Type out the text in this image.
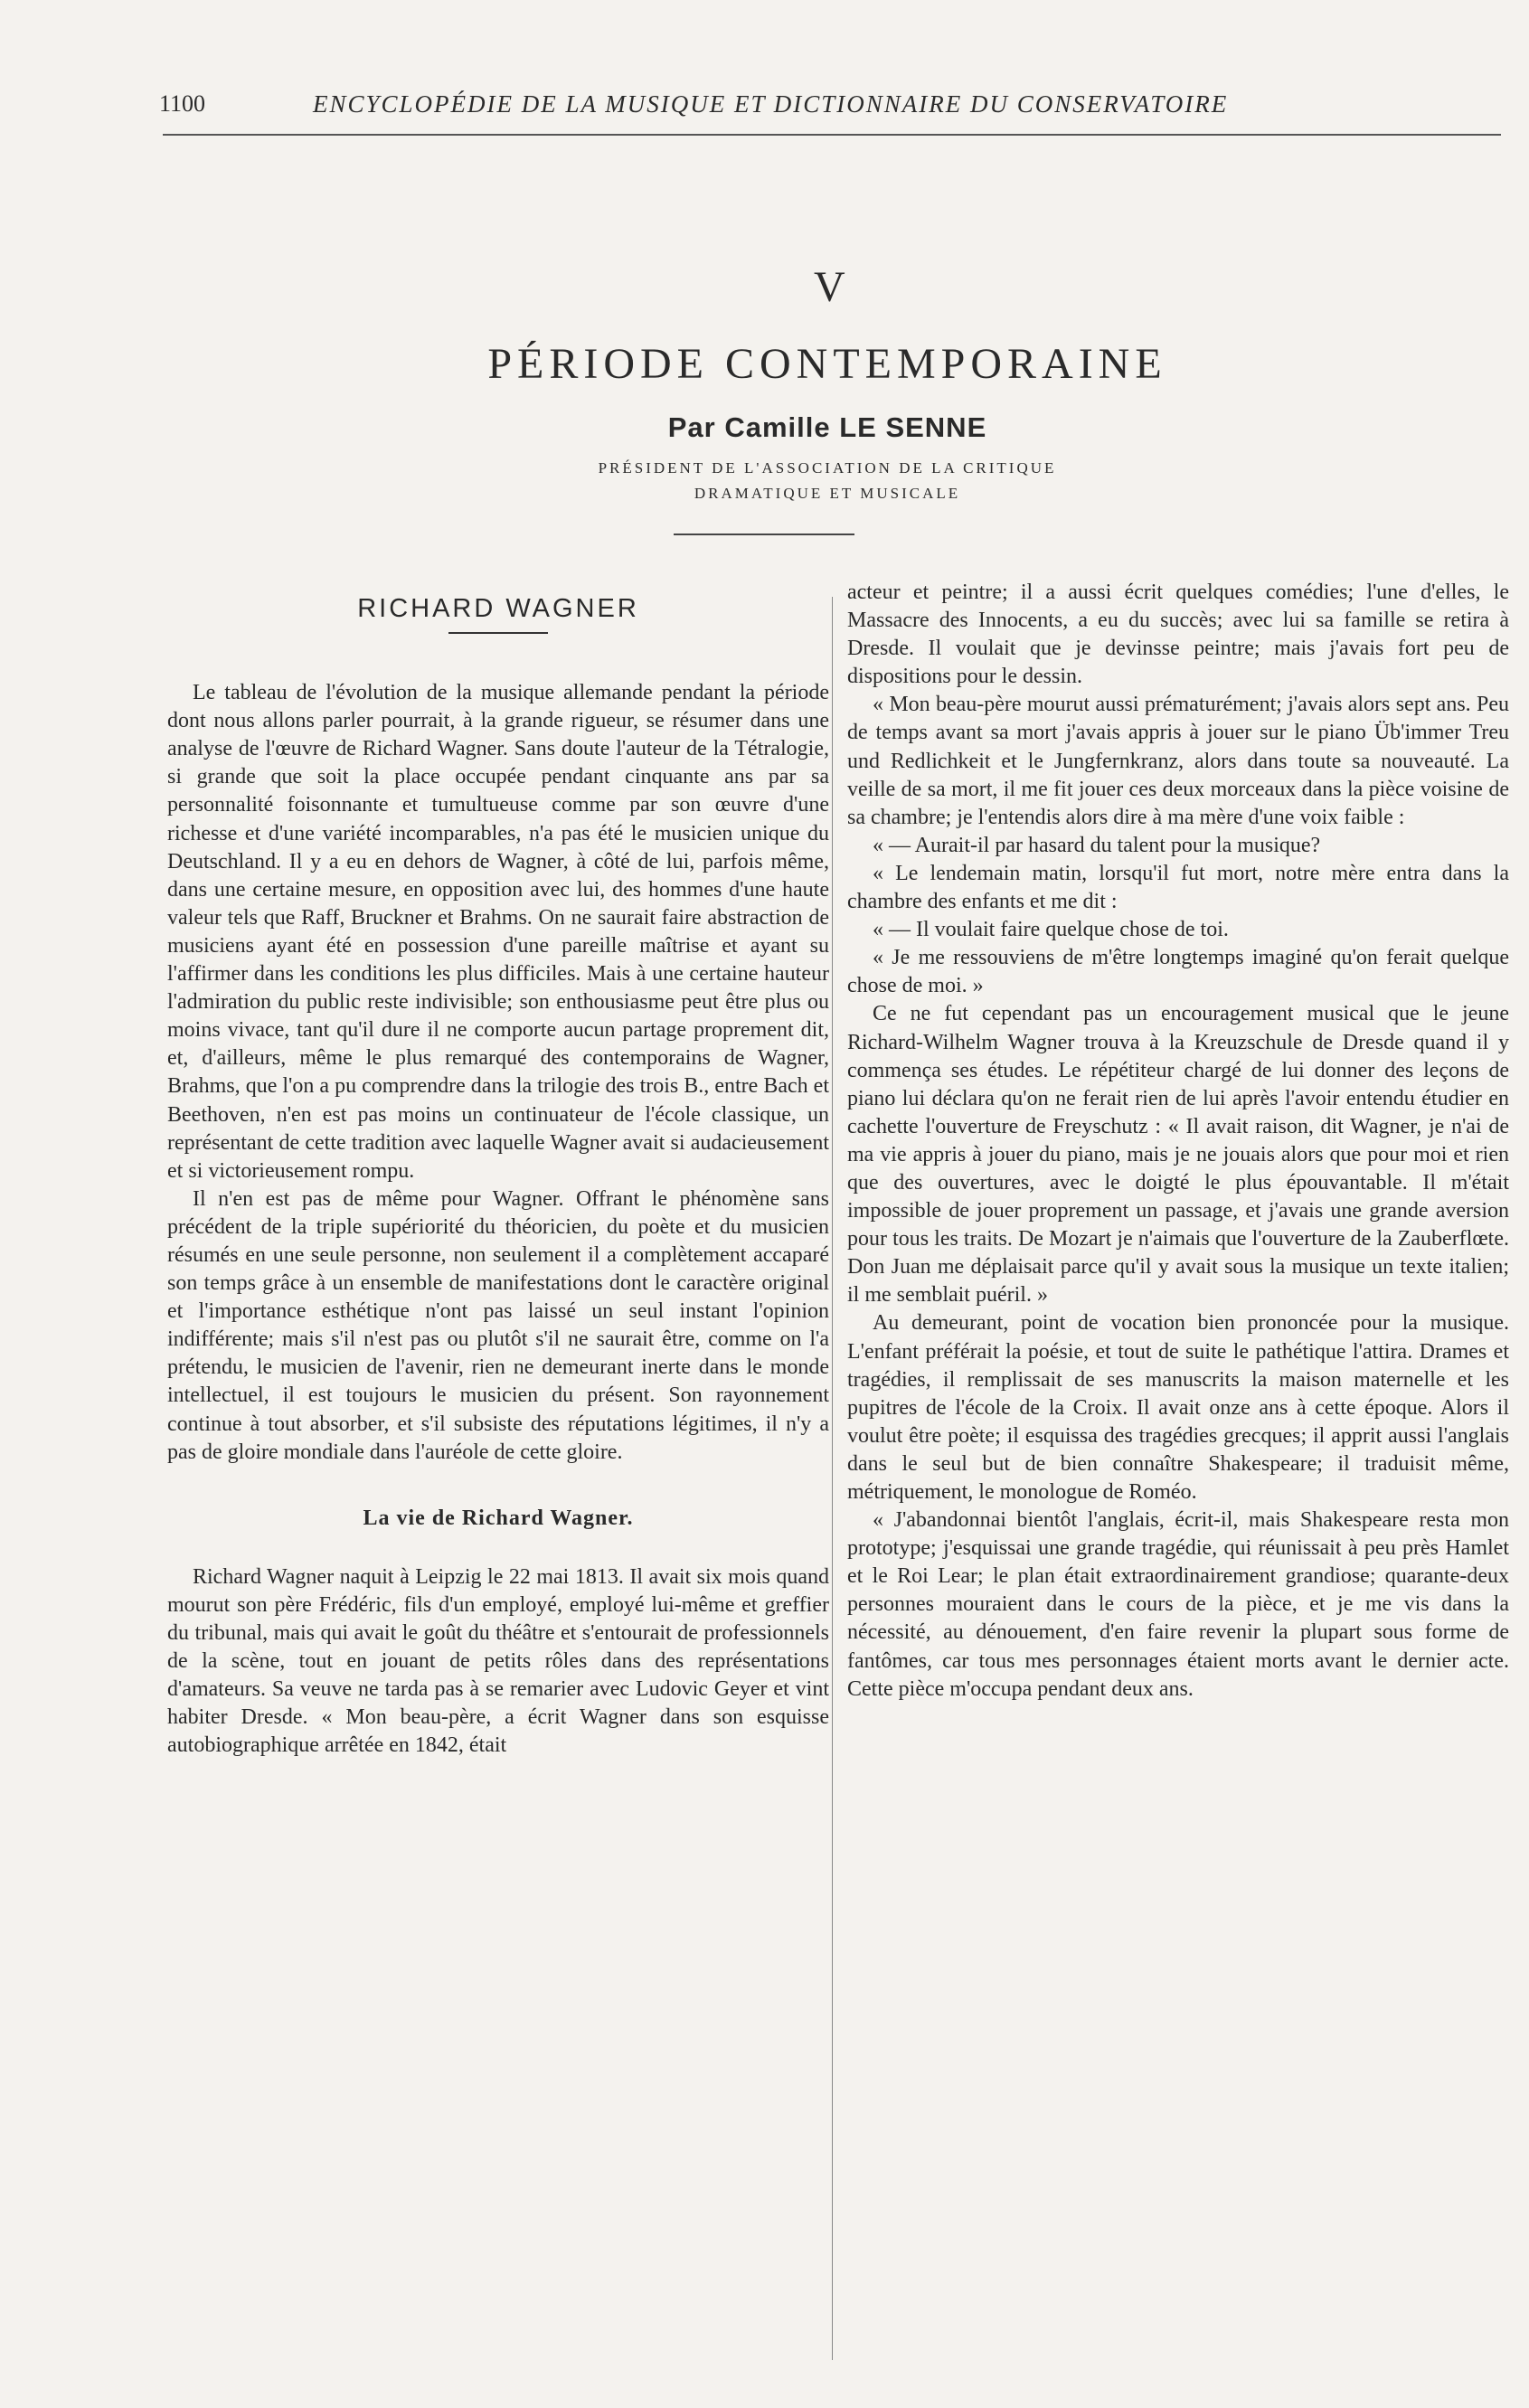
1100	ENCYCLOPÉDIE DE LA MUSIQUE ET DICTIONNAIRE DU CONSERVATOIRE
V
PÉRIODE CONTEMPORAINE
Par Camille LE SENNE
PRÉSIDENT DE L'ASSOCIATION DE LA CRITIQUE
DRAMATIQUE ET MUSICALE
RICHARD WAGNER

Le tableau de l'évolution de la musique allemande pendant la période dont nous allons parler pourrait, à la grande rigueur, se résumer dans une analyse de l'œuvre de Richard Wagner. Sans doute l'auteur de la Tétralogie, si grande que soit la place occupée pendant cinquante ans par sa personnalité foisonnante et tumultueuse comme par son œuvre d'une richesse et d'une variété incomparables, n'a pas été le musicien unique du Deutschland. Il y a eu en dehors de Wagner, à côté de lui, parfois même, dans une certaine mesure, en opposition avec lui, des hommes d'une haute valeur tels que Raff, Bruckner et Brahms. On ne saurait faire abstraction de musiciens ayant été en possession d'une pareille maîtrise et ayant su l'affirmer dans les conditions les plus difficiles. Mais à une certaine hauteur l'admiration du public reste indivisible; son enthousiasme peut être plus ou moins vivace, tant qu'il dure il ne comporte aucun partage proprement dit, et, d'ailleurs, même le plus remarqué des contemporains de Wagner, Brahms, que l'on a pu comprendre dans la trilogie des trois B., entre Bach et Beethoven, n'en est pas moins un continuateur de l'école classique, un représentant de cette tradition avec laquelle Wagner avait si audacieusement et si victorieusement rompu.

Il n'en est pas de même pour Wagner. Offrant le phénomène sans précédent de la triple supériorité du théoricien, du poète et du musicien résumés en une seule personne, non seulement il a complètement accaparé son temps grâce à un ensemble de manifestations dont le caractère original et l'importance esthétique n'ont pas laissé un seul instant l'opinion indifférente; mais s'il n'est pas ou plutôt s'il ne saurait être, comme on l'a prétendu, le musicien de l'avenir, rien ne demeurant inerte dans le monde intellectuel, il est toujours le musicien du présent. Son rayonnement continue à tout absorber, et s'il subsiste des réputations légitimes, il n'y a pas de gloire mondiale dans l'auréole de cette gloire.

La vie de Richard Wagner.

Richard Wagner naquit à Leipzig le 22 mai 1813. Il avait six mois quand mourut son père Frédéric, fils d'un employé, employé lui-même et greffier du tribunal, mais qui avait le goût du théâtre et s'entourait de professionnels de la scène, tout en jouant de petits rôles dans des représentations d'amateurs. Sa veuve ne tarda pas à se remarier avec Ludovic Geyer et vint habiter Dresde. « Mon beau-père, a écrit Wagner dans son esquisse autobiographique arrêtée en 1842, était

acteur et peintre; il a aussi écrit quelques comédies; l'une d'elles, le Massacre des Innocents, a eu du succès; avec lui sa famille se retira à Dresde. Il voulait que je devinsse peintre; mais j'avais fort peu de dispositions pour le dessin.

« Mon beau-père mourut aussi prématurément; j'avais alors sept ans. Peu de temps avant sa mort j'avais appris à jouer sur le piano Üb'immer Treu und Redlichkeit et le Jungfernkranz, alors dans toute sa nouveauté. La veille de sa mort, il me fit jouer ces deux morceaux dans la pièce voisine de sa chambre; je l'entendis alors dire à ma mère d'une voix faible :

« — Aurait-il par hasard du talent pour la musique?

« Le lendemain matin, lorsqu'il fut mort, notre mère entra dans la chambre des enfants et me dit :

« — Il voulait faire quelque chose de toi.

« Je me ressouviens de m'être longtemps imaginé qu'on ferait quelque chose de moi. »

Ce ne fut cependant pas un encouragement musical que le jeune Richard-Wilhelm Wagner trouva à la Kreuzschule de Dresde quand il y commença ses études. Le répétiteur chargé de lui donner des leçons de piano lui déclara qu'on ne ferait rien de lui après l'avoir entendu étudier en cachette l'ouverture de Freyschutz : « Il avait raison, dit Wagner, je n'ai de ma vie appris à jouer du piano, mais je ne jouais alors que pour moi et rien que des ouvertures, avec le doigté le plus épouvantable. Il m'était impossible de jouer proprement un passage, et j'avais une grande aversion pour tous les traits. De Mozart je n'aimais que l'ouverture de la Zauberflœte. Don Juan me déplaisait parce qu'il y avait sous la musique un texte italien; il me semblait puéril. »

Au demeurant, point de vocation bien prononcée pour la musique. L'enfant préférait la poésie, et tout de suite le pathétique l'attira. Drames et tragédies, il remplissait de ses manuscrits la maison maternelle et les pupitres de l'école de la Croix. Il avait onze ans à cette époque. Alors il voulut être poète; il esquissa des tragédies grecques; il apprit aussi l'anglais dans le seul but de bien connaître Shakespeare; il traduisit même, métriquement, le monologue de Roméo.

« J'abandonnai bientôt l'anglais, écrit-il, mais Shakespeare resta mon prototype; j'esquissai une grande tragédie, qui réunissait à peu près Hamlet et le Roi Lear; le plan était extraordinairement grandiose; quarante-deux personnes mouraient dans le cours de la pièce, et je me vis dans la nécessité, au dénouement, d'en faire revenir la plupart sous forme de fantômes, car tous mes personnages étaient morts avant le dernier acte. Cette pièce m'occupa pendant deux ans.
